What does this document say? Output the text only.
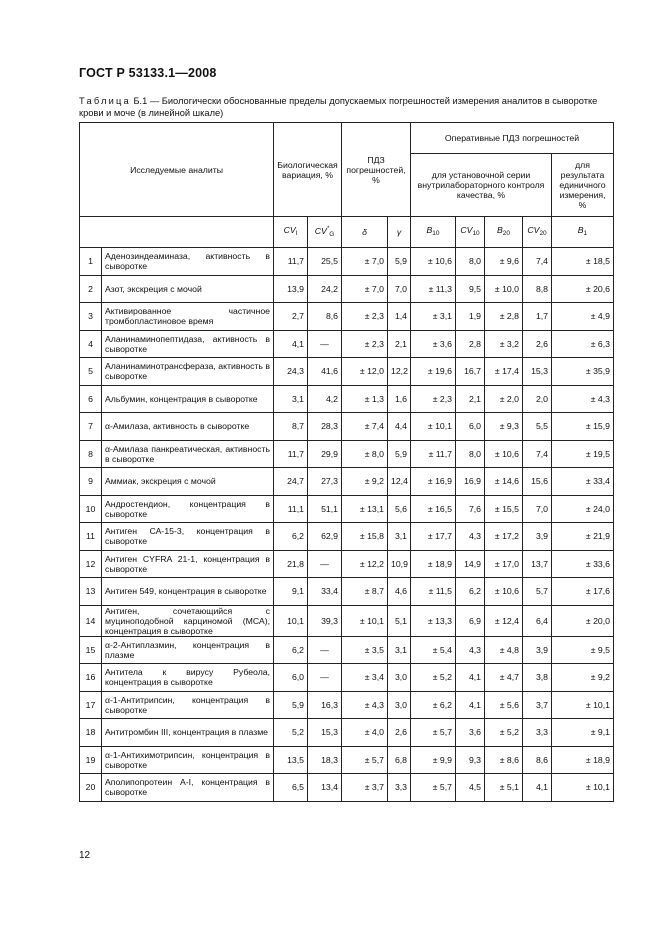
ГОСТ Р 53133.1—2008
Таблица Б.1 — Биологически обоснованные пределы допускаемых погрешностей измерения аналитов в сыворотке крови и моче (в линейной шкале)
Исследуемые аналиты		Биологическая вариация, %		ПДЗ погрешностей, %		Оперативные ПДЗ погрешностей				
						для установочной серии внутрилабораторного контроля качества, %				для результата единичного измерения, %
		$CV_I$	$CV^*_G$	δ	γ	$B_{10}$	$CV_{10}$	$B_{20}$	$CV_{20}$	$B_1$
1	Аденозиндеаминаза, активность в сыворотке	11,7	25,5	± 7,0	5,9	± 10,6	8,0	± 9,6	7,4	± 18,5
2	Азот, экскреция с мочой	13,9	24,2	± 7,0	7,0	± 11,3	9,5	± 10,0	8,8	± 20,6
3	Активированное частичное тромбопластиновое время	2,7	8,6	± 2,3	1,4	± 3,1	1,9	± 2,8	1,7	± 4,9
4	Аланинаминопептидаза, активность в сыворотке	4,1	—	± 2,3	2,1	± 3,6	2,8	± 3,2	2,6	± 6,3
5	Аланинаминотрансфераза, активность в сыворотке	24,3	41,6	± 12,0	12,2	± 19,6	16,7	± 17,4	15,3	± 35,9
6	Альбумин, концентрация в сыворотке	3,1	4,2	± 1,3	1,6	± 2,3	2,1	± 2,0	2,0	± 4,3
7	α-Амилаза, активность в сыворотке	8,7	28,3	± 7,4	4,4	± 10,1	6,0	± 9,3	5,5	± 15,9
8	α-Амилаза панкреатическая, активность в сыворотке	11,7	29,9	± 8,0	5,9	± 11,7	8,0	± 10,6	7,4	± 19,5
9	Аммиак, экскреция с мочой	24,7	27,3	± 9,2	12,4	± 16,9	16,9	± 14,6	15,6	± 33,4
10	Андростендион, концентрация в сыворотке	11,1	51,1	± 13,1	5,6	± 16,5	7,6	± 15,5	7,0	± 24,0
11	Антиген СА-15-3, концентрация в сыворотке	6,2	62,9	± 15,8	3,1	± 17,7	4,3	± 17,2	3,9	± 21,9
12	Антиген CYFRA 21-1, концентрация в сыворотке	21,8	—	± 12,2	10,9	± 18,9	14,9	± 17,0	13,7	± 33,6
13	Антиген 549, концентрация в сыворотке	9,1	33,4	± 8,7	4,6	± 11,5	6,2	± 10,6	5,7	± 17,6
14	Антиген, сочетающийся с муциноподобной карциномой (МСА), концентрация в сыворотке	10,1	39,3	± 10,1	5,1	± 13,3	6,9	± 12,4	6,4	± 20,0
15	α-2-Антиплазмин, концентрация в плазме	6,2	—	± 3,5	3,1	± 5,4	4,3	± 4,8	3,9	± 9,5
16	Антитела к вирусу Рубеола, концентрация в сыворотке	6,0	—	± 3,4	3,0	± 5,2	4,1	± 4,7	3,8	± 9,2
17	α-1-Антитрипсин, концентрация в сыворотке	5,9	16,3	± 4,3	3,0	± 6,2	4,1	± 5,6	3,7	± 10,1
18	Антитромбин III, концентрация в плазме	5,2	15,3	± 4,0	2,6	± 5,7	3,6	± 5,2	3,3	± 9,1
19	α-1-Антихимотрипсин, концентрация в сыворотке	13,5	18,3	± 5,7	6,8	± 9,9	9,3	± 8,6	8,6	± 18,9
20	Аполипопротеин А-I, концентрация в сыворотке	6,5	13,4	± 3,7	3,3	± 5,7	4,5	± 5,1	4,1	± 10,1
12
